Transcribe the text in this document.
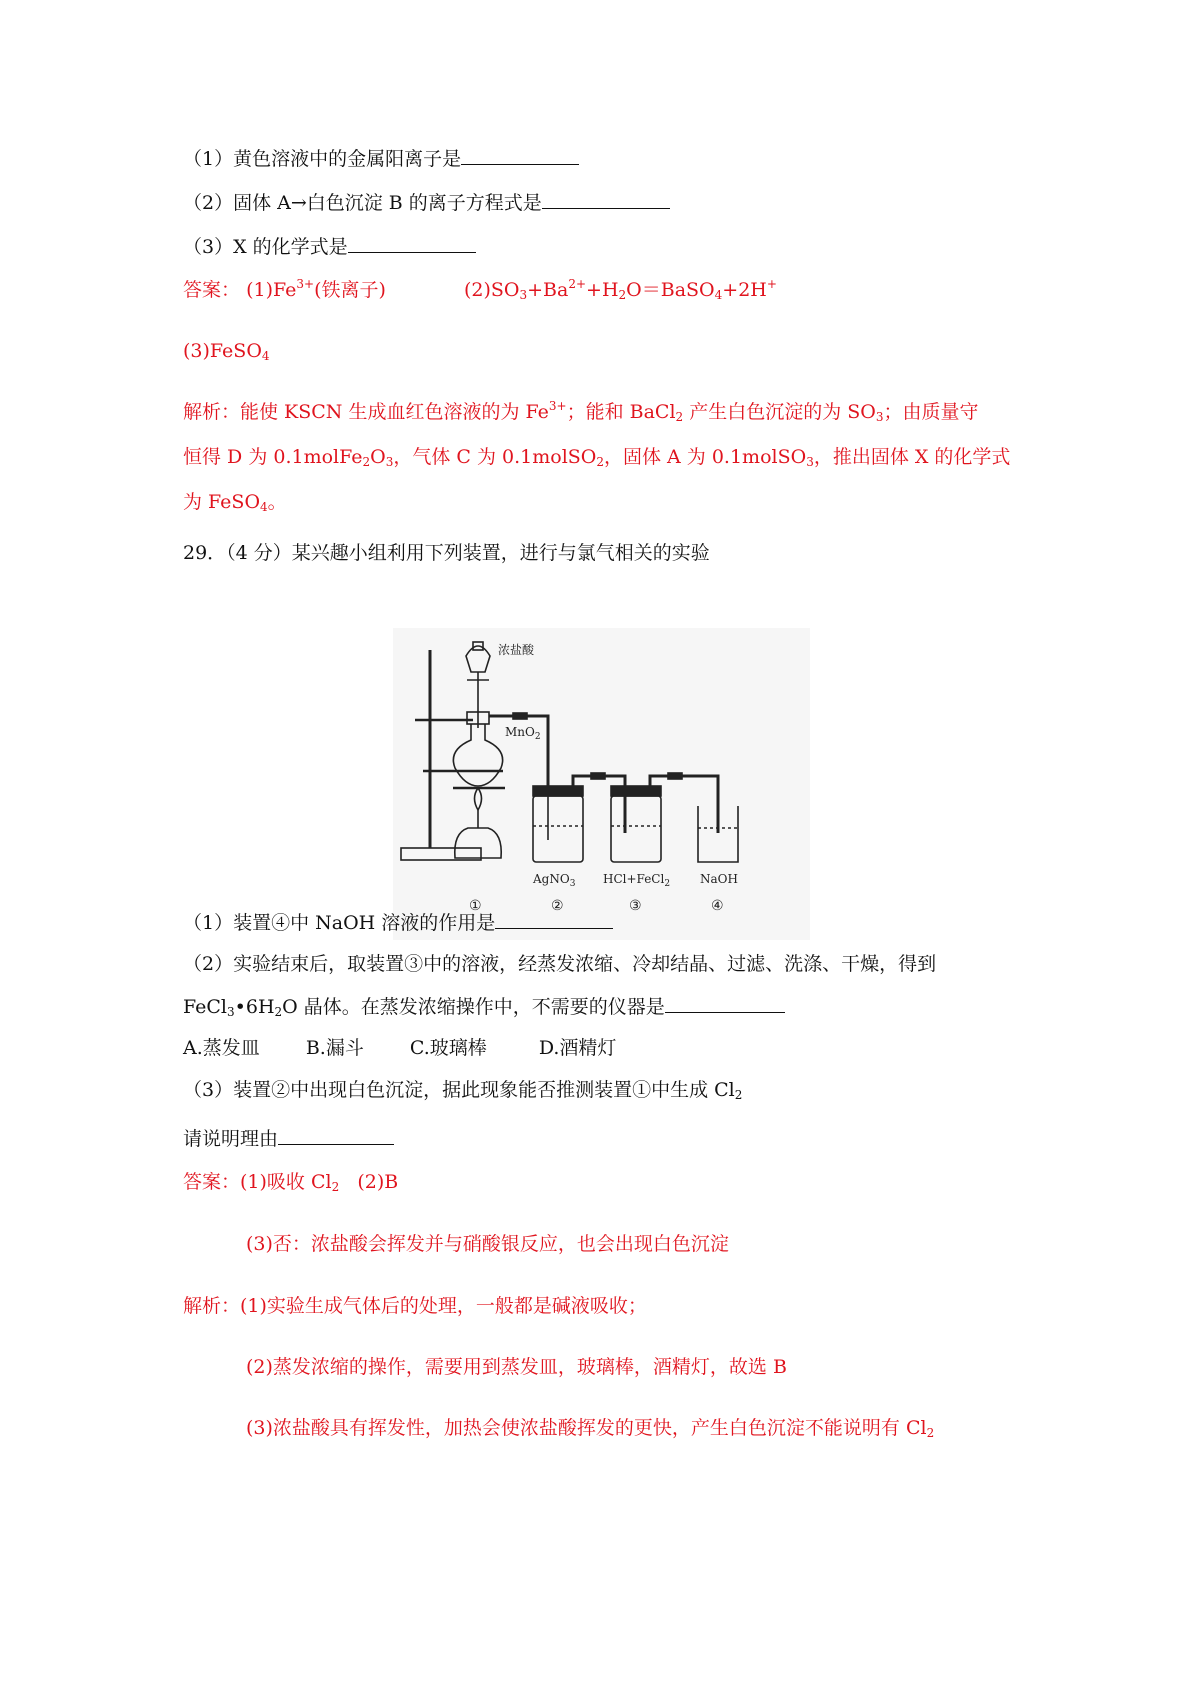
（1）黄色溶液中的金属阳离子是
（2）固体 A→白色沉淀 B 的离子方程式是
（3）X 的化学式是
答案： $(1)Fe^{3+}$(铁离子)	$(2)SO_3+Ba^{2+}+H_2O=BaSO_4+2H^+$
(3)FeSO$_4$
解析：能使 KSCN 生成血红色溶液的为 $Fe^{3+}$；能和 BaCl$_2$ 产生白色沉淀的为 $SO_3$；由质量守
恒得 D 为 $0.1molFe_2O_3$，气体 C 为 0.1molSO$_2$，固体 A 为 0.1molSO$_3$，推出固体 X 的化学式
为 FeSO$_4$。
29．（4 分）某兴趣小组利用下列装置，进行与氯气相关的实验
浓盐酸
MnO$_2$
AgNO$_3$ HCl+FeCl$_2$ NaOH
①	②	③	④
（1）装置④中 NaOH 溶液的作用是
（2）实验结束后，取装置③中的溶液，经蒸发浓缩、冷却结晶、过滤、洗涤、干燥，得到
$FeCl_3•6H_2O$ 晶体。在蒸发浓缩操作中，不需要的仪器是
A.蒸发皿 B.漏斗 C.玻璃棒	D.酒精灯
（3）装置②中出现白色沉淀，据此现象能否推测装置①中生成 $Cl_2$
请说明理由
答案：(1)吸收 $Cl_2$   (2)B
(3)否：浓盐酸会挥发并与硝酸银反应，也会出现白色沉淀
解析：(1)实验生成气体后的处理，一般都是碱液吸收；
(2)蒸发浓缩的操作，需要用到蒸发皿，玻璃棒，酒精灯，故选 B
(3)浓盐酸具有挥发性，加热会使浓盐酸挥发的更快，产生白色沉淀不能说明有 $Cl_2$
